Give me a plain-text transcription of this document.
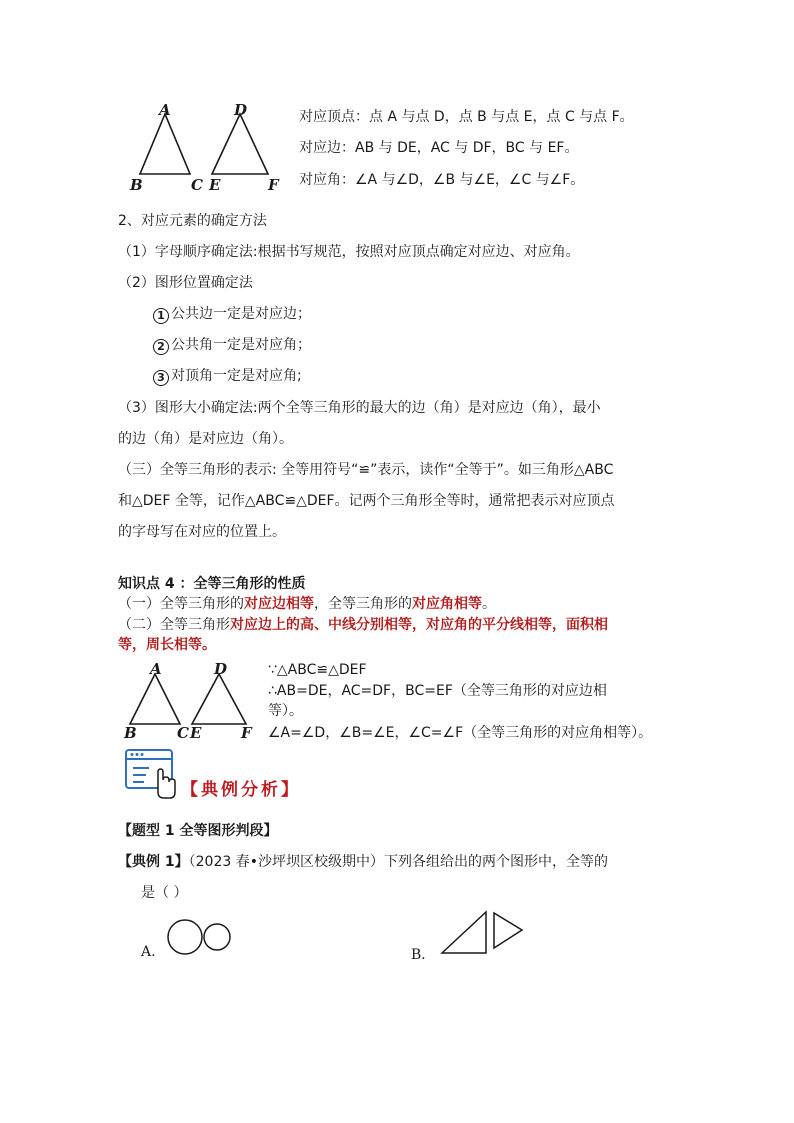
A
B	C
D
E	F
对应顶点：点 A 与点 D，点 B 与点 E，点 C 与点 F。
对应边：AB 与 DE，AC 与 DF，BC 与 EF。
对应角：∠A 与∠D，∠B 与∠E，∠C 与∠F。
2、对应元素的确定方法
（1）字母顺序确定法:根据书写规范，按照对应顶点确定对应边、对应角。
（2）图形位置确定法
1 公共边一定是对应边；
2 公共角一定是对应角；
3 对顶角一定是对应角;
（3）图形大小确定法:两个全等三角形的最大的边（角）是对应边（角），最小
的边（角）是对应边（角）。
（三）全等三角形的表示: 全等用符号“≌”表示，读作“全等于”。如三角形△ABC
和△DEF 全等，记作△ABC≌△DEF。记两个三角形全等时，通常把表示对应顶点
的字母写在对应的位置上。
知识点 4 ：全等三角形的性质
（一）全等三角形的对应边相等，全等三角形的对应角相等。
（二）全等三角形对应边上的高、中线分别相等，对应角的平分线相等，面积相
等，周长相等。
A
B	C
D
E	F
∵△ABC≌△DEF
∴AB=DE，AC=DF，BC=EF（全等三角形的对应边相
等）。
∠A=∠D，∠B=∠E，∠C=∠F（全等三角形的对应角相等）。
【典例分析】
【题型 1 全等图形判段】
【典例 1】（2023 春•沙坪坝区校级期中）下列各组给出的两个图形中，全等的
是（ ）
A.	B．
